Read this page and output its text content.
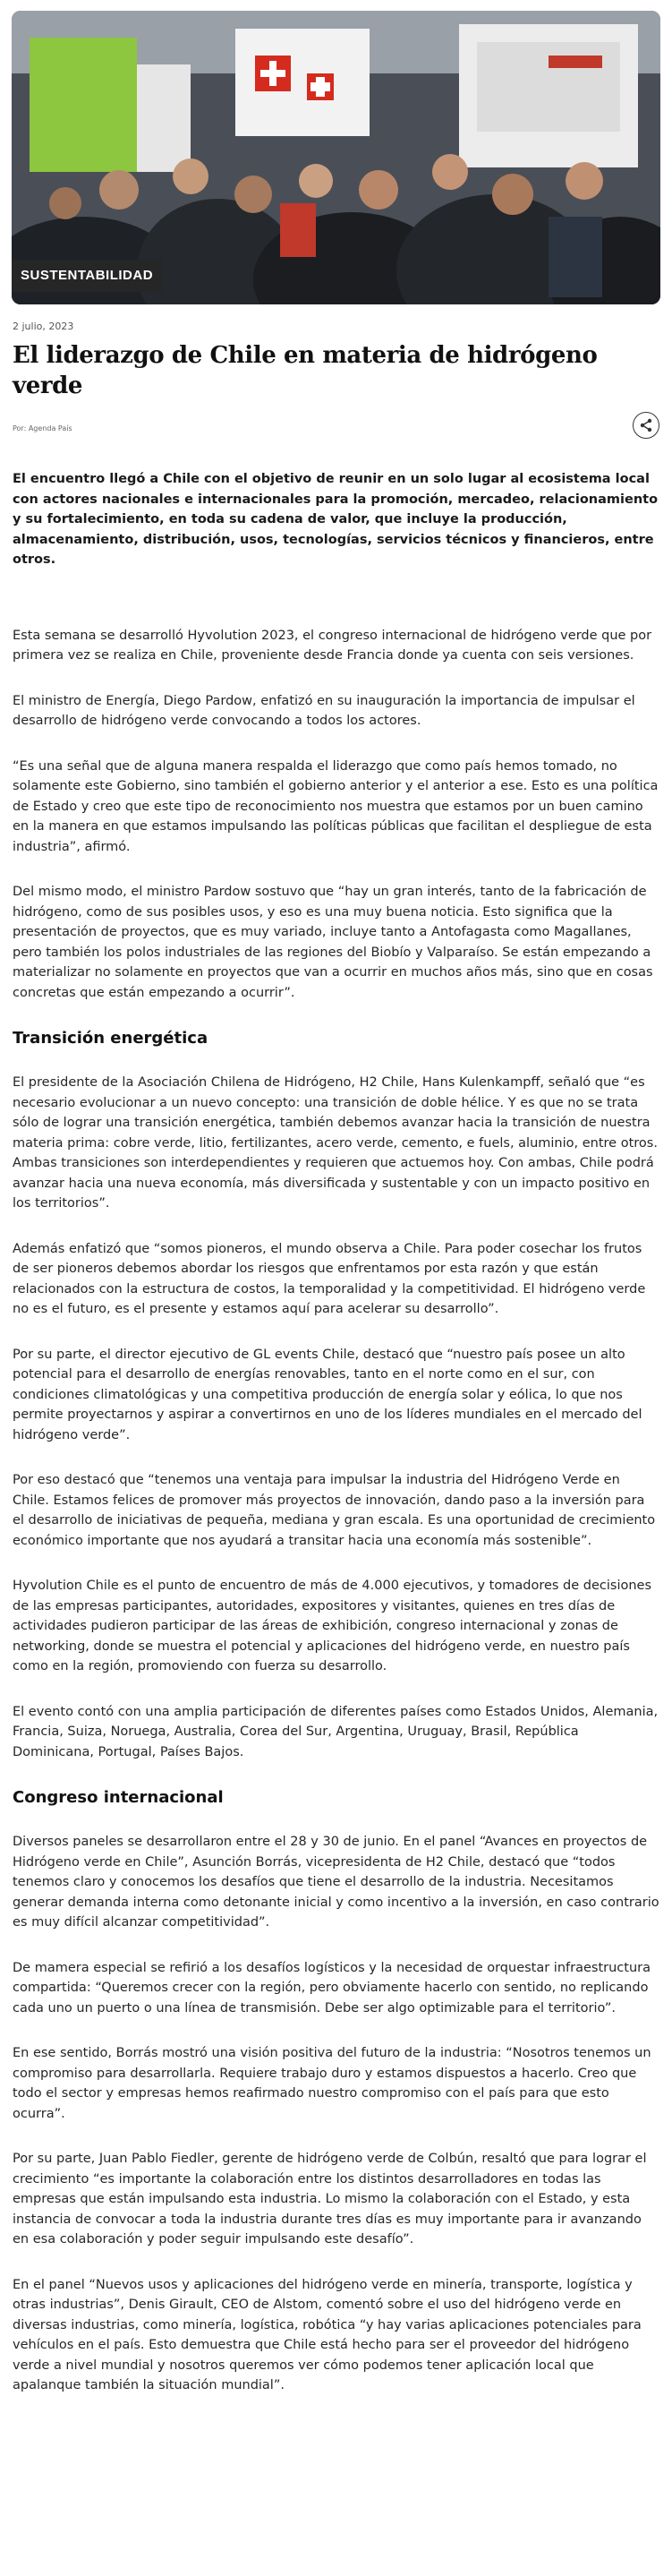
SUSTENTABILIDAD
2 julio, 2023
El liderazgo de Chile en materia de hidrógeno verde
Por: Agenda País
El encuentro llegó a Chile con el objetivo de reunir en un solo lugar al ecosistema local con actores nacionales e internacionales para la promoción, mercadeo, relacionamiento y su fortalecimiento, en toda su cadena de valor, que incluye la producción, almacenamiento, distribución, usos, tecnologías, servicios técnicos y financieros, entre otros.

Esta semana se desarrolló Hyvolution 2023, el congreso internacional de hidrógeno verde que por primera vez se realiza en Chile, proveniente desde Francia donde ya cuenta con seis versiones.

El ministro de Energía, Diego Pardow, enfatizó en su inauguración la importancia de impulsar el desarrollo de hidrógeno verde convocando a todos los actores.

“Es una señal que de alguna manera respalda el liderazgo que como país hemos tomado, no solamente este Gobierno, sino también el gobierno anterior y el anterior a ese. Esto es una política de Estado y creo que este tipo de reconocimiento nos muestra que estamos por un buen camino en la manera en que estamos impulsando las políticas públicas que facilitan el despliegue de esta industria”, afirmó.

Del mismo modo, el ministro Pardow sostuvo que “hay un gran interés, tanto de la fabricación de hidrógeno, como de sus posibles usos, y eso es una muy buena noticia. Esto significa que la presentación de proyectos, que es muy variado, incluye tanto a Antofagasta como Magallanes, pero también los polos industriales de las regiones del Biobío y Valparaíso. Se están empezando a materializar no solamente en proyectos que van a ocurrir en muchos años más, sino que en cosas concretas que están empezando a ocurrir”.

Transición energética

El presidente de la Asociación Chilena de Hidrógeno, H2 Chile, Hans Kulenkampff, señaló que “es necesario evolucionar a un nuevo concepto: una transición de doble hélice. Y es que no se trata sólo de lograr una transición energética, también debemos avanzar hacia la transición de nuestra materia prima: cobre verde, litio, fertilizantes, acero verde, cemento, e fuels, aluminio, entre otros. Ambas transiciones son interdependientes y requieren que actuemos hoy. Con ambas, Chile podrá avanzar hacia una nueva economía, más diversificada y sustentable y con un impacto positivo en los territorios”.

Además enfatizó que “somos pioneros, el mundo observa a Chile. Para poder cosechar los frutos de ser pioneros debemos abordar los riesgos que enfrentamos por esta razón y que están relacionados con la estructura de costos, la temporalidad y la competitividad. El hidrógeno verde no es el futuro, es el presente y estamos aquí para acelerar su desarrollo”.

Por su parte, el director ejecutivo de GL events Chile, destacó que “nuestro país posee un alto potencial para el desarrollo de energías renovables, tanto en el norte como en el sur, con condiciones climatológicas y una competitiva producción de energía solar y eólica, lo que nos permite proyectarnos y aspirar a convertirnos en uno de los líderes mundiales en el mercado del hidrógeno verde”.

Por eso destacó que “tenemos una ventaja para impulsar la industria del Hidrógeno Verde en Chile. Estamos felices de promover más proyectos de innovación, dando paso a la inversión para el desarrollo de iniciativas de pequeña, mediana y gran escala. Es una oportunidad de crecimiento económico importante que nos ayudará a transitar hacia una economía más sostenible”.

Hyvolution Chile es el punto de encuentro de más de 4.000 ejecutivos, y tomadores de decisiones de las empresas participantes, autoridades, expositores y visitantes, quienes en tres días de actividades pudieron participar de las áreas de exhibición, congreso internacional y zonas de networking, donde se muestra el potencial y aplicaciones del hidrógeno verde, en nuestro país como en la región, promoviendo con fuerza su desarrollo.

El evento contó con una amplia participación de diferentes países como Estados Unidos, Alemania, Francia, Suiza, Noruega, Australia, Corea del Sur, Argentina, Uruguay, Brasil, República Dominicana, Portugal, Países Bajos.

Congreso internacional

Diversos paneles se desarrollaron entre el 28 y 30 de junio. En el panel “Avances en proyectos de Hidrógeno verde en Chile”, Asunción Borrás, vicepresidenta de H2 Chile, destacó que “todos tenemos claro y conocemos los desafíos que tiene el desarrollo de la industria. Necesitamos generar demanda interna como detonante inicial y como incentivo a la inversión, en caso contrario es muy difícil alcanzar competitividad”.

De mamera especial se refirió a los desafíos logísticos y la necesidad de orquestar infraestructura compartida: “Queremos crecer con la región, pero obviamente hacerlo con sentido, no replicando cada uno un puerto o una línea de transmisión. Debe ser algo optimizable para el territorio”.

En ese sentido, Borrás mostró una visión positiva del futuro de la industria: “Nosotros tenemos un compromiso para desarrollarla. Requiere trabajo duro y estamos dispuestos a hacerlo. Creo que todo el sector y empresas hemos reafirmado nuestro compromiso con el país para que esto ocurra”.

Por su parte, Juan Pablo Fiedler, gerente de hidrógeno verde de Colbún, resaltó que para lograr el crecimiento “es importante la colaboración entre los distintos desarrolladores en todas las empresas que están impulsando esta industria. Lo mismo la colaboración con el Estado, y esta instancia de convocar a toda la industria durante tres días es muy importante para ir avanzando en esa colaboración y poder seguir impulsando este desafío”.

En el panel “Nuevos usos y aplicaciones del hidrógeno verde en minería, transporte, logística y otras industrias”, Denis Girault, CEO de Alstom, comentó sobre el uso del hidrógeno verde en diversas industrias, como minería, logística, robótica “y hay varias aplicaciones potenciales para vehículos en el país. Esto demuestra que Chile está hecho para ser el proveedor del hidrógeno verde a nivel mundial y nosotros queremos ver cómo podemos tener aplicación local que apalanque también la situación mundial”.
